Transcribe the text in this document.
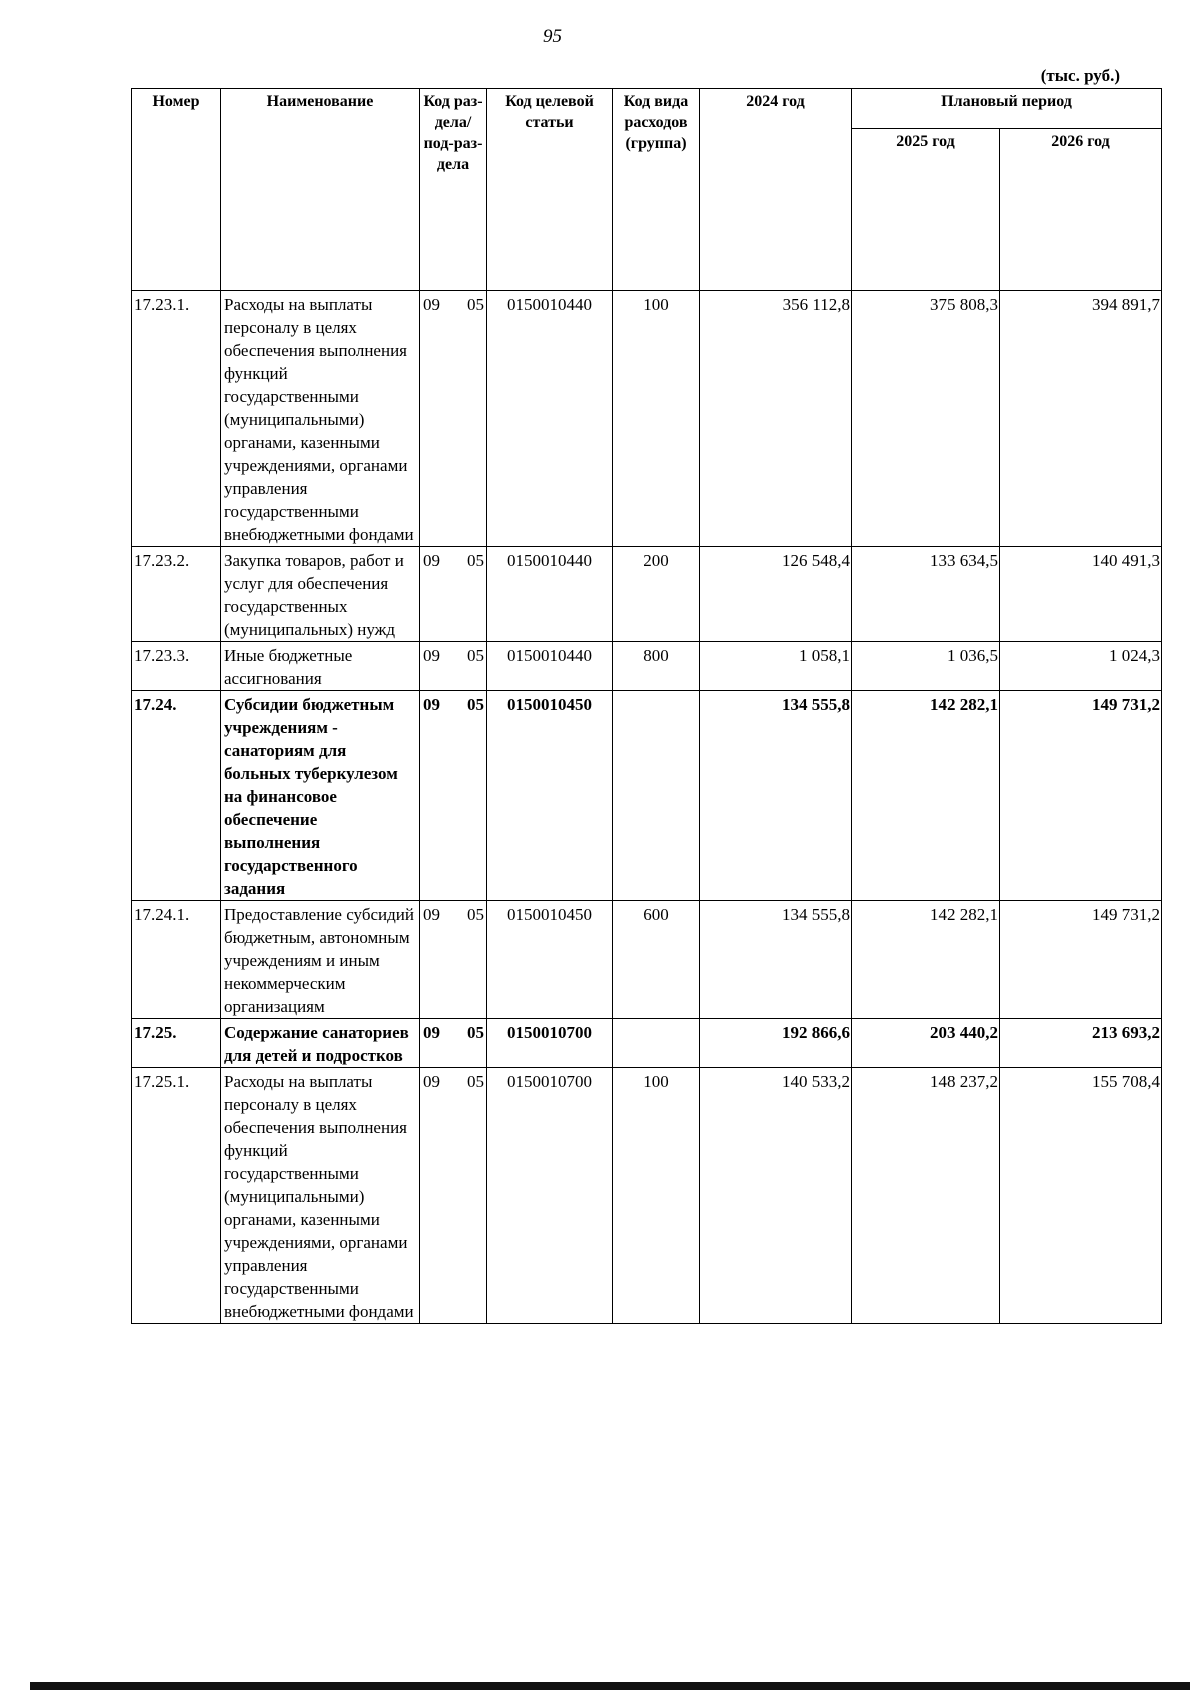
95
(тыс. руб.)
Номер	Наименование	Код раз-дела/ под-раз-дела	Код целевой статьи	Код вида расходов (группа)	2024 год	Плановый период	
						2025 год	2026 год
17.23.1.	Расходы на выплаты персоналу в целях обеспечения выполнения функций государственными (муниципальными) органами, казенными учреждениями, органами управления государственными внебюджетными фондами	09 05	0150010440	100	356 112,8	375 808,3	394 891,7
17.23.2.	Закупка товаров, работ и услуг для обеспечения государственных (муниципальных) нужд	09 05	0150010440	200	126 548,4	133 634,5	140 491,3
17.23.3.	Иные бюджетные ассигнования	09 05	0150010440	800	1 058,1	1 036,5	1 024,3
17.24.	Субсидии бюджетным учреждениям - санаториям для больных туберкулезом на финансовое обеспечение выполнения государственного задания	09 05	0150010450		134 555,8	142 282,1	149 731,2
17.24.1.	Предоставление субсидий бюджетным, автономным учреждениям и иным некоммерческим организациям	09 05	0150010450	600	134 555,8	142 282,1	149 731,2
17.25.	Содержание санаториев для детей и подростков	09 05	0150010700		192 866,6	203 440,2	213 693,2
17.25.1.	Расходы на выплаты персоналу в целях обеспечения выполнения функций государственными (муниципальными) органами, казенными учреждениями, органами управления государственными внебюджетными фондами	09 05	0150010700	100	140 533,2	148 237,2	155 708,4
